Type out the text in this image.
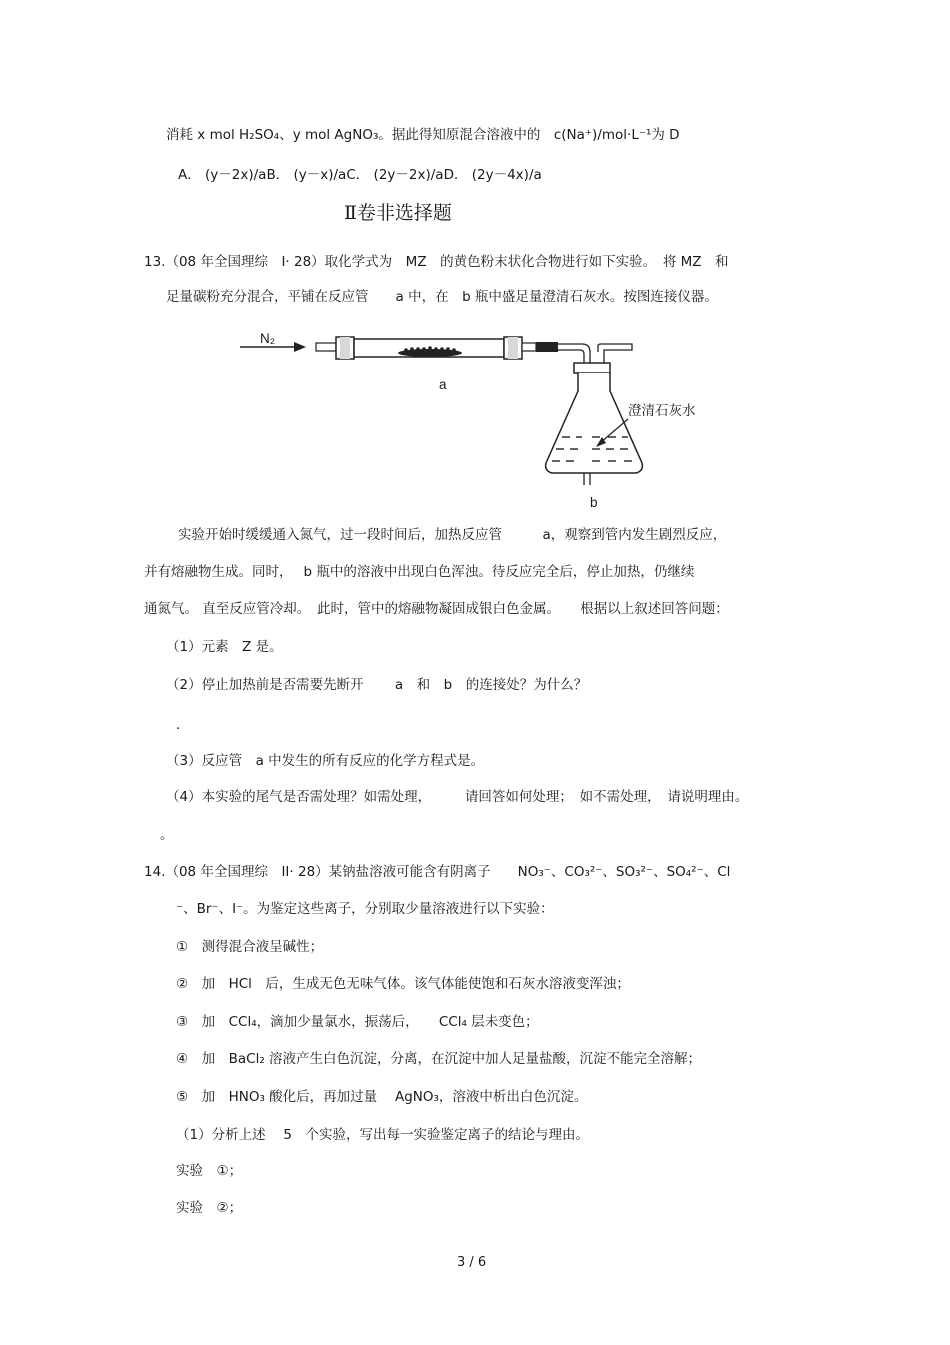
消耗 x mol H₂SO₄、y mol AgNO₃。据此得知原混合溶液中的　c(Na⁺)/mol·L⁻¹为 D
A． (y－2x)/aB． (y－x)/aC． (2y－2x)/aD． (2y－4x)/a
Ⅱ卷非选择题
13.（08 年全国理综　I· 28）取化学式为　MZ　的黄色粉末状化合物进行如下实验。　将 MZ　和
足量碳粉充分混合，平铺在反应管　　a 中，在　b 瓶中盛足量澄清石灰水。按图连接仪器。
N₂
a
澄清石灰水
b
实验开始时缓缓通入氮气，过一段时间后，加热反应管　　　a，观察到管内发生剧烈反应，
并有熔融物生成。同时，　 b 瓶中的溶液中出现白色浑浊。待反应完全后，停止加热，仍继续
通氮气。 直至反应管冷却。　此时，管中的熔融物凝固成银白色金属。　　根据以上叙述回答问题：
（1）元素　Z 是。
（2）停止加热前是否需要先断开　　 a　和　b　的连接处？为什么？
．
（3）反应管　a 中发生的所有反应的化学方程式是。
（4）本实验的尾气是否需处理？如需处理，　　　请回答如何处理；　如不需处理，　请说明理由。
。
14.（08 年全国理综　II· 28）某钠盐溶液可能含有阴离子　　NO₃⁻、CO₃²⁻、SO₃²⁻、SO₄²⁻、Cl
⁻、Br⁻、I⁻。为鉴定这些离子，分别取少量溶液进行以下实验：
①　测得混合液呈碱性；
②　加　HCl　后，生成无色无味气体。该气体能使饱和石灰水溶液变浑浊；
③　加　CCl₄，滴加少量氯水，振荡后，　　CCl₄ 层未变色；
④　加　BaCl₂ 溶液产生白色沉淀，分离，在沉淀中加人足量盐酸，沉淀不能完全溶解；
⑤　加　HNO₃ 酸化后，再加过量　 AgNO₃，溶液中析出白色沉淀。
（1）分析上述　 5　个实验，写出每一实验鉴定离子的结论与理由。
实验　①；
实验　②；
3 / 6
